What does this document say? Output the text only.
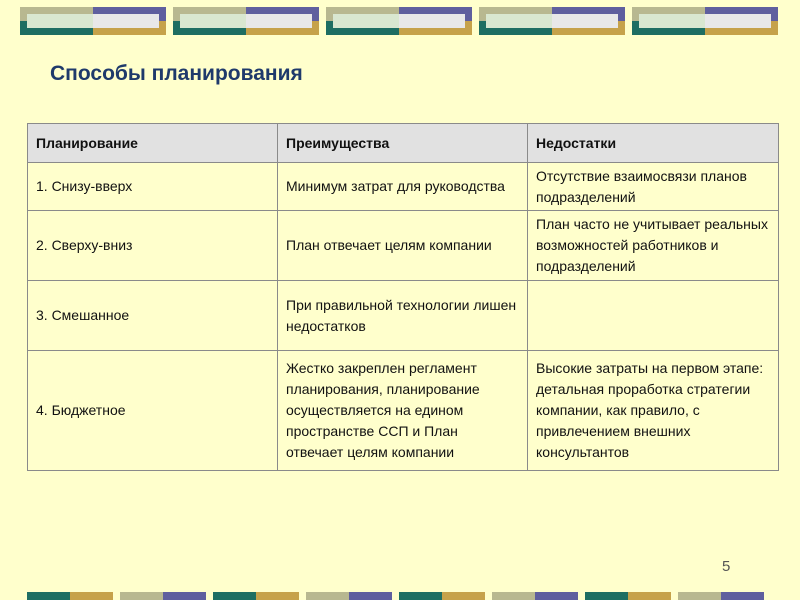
Способы планирования
Планирование	Преимущества	Недостатки
1. Снизу-вверх	Минимум затрат для руководства	Отсутствие взаимосвязи планов подразделений
2. Сверху-вниз	План отвечает целям компании	План часто не учитывает реальных возможностей работников и подразделений
3. Смешанное	При правильной технологии лишен недостатков	
4. Бюджетное	Жестко закреплен регламент планирования, планирование осуществляется на едином пространстве ССП и План отвечает целям компании	Высокие затраты на первом этапе: детальная проработка стратегии компании, как правило, с привлечением внешних консультантов
5
